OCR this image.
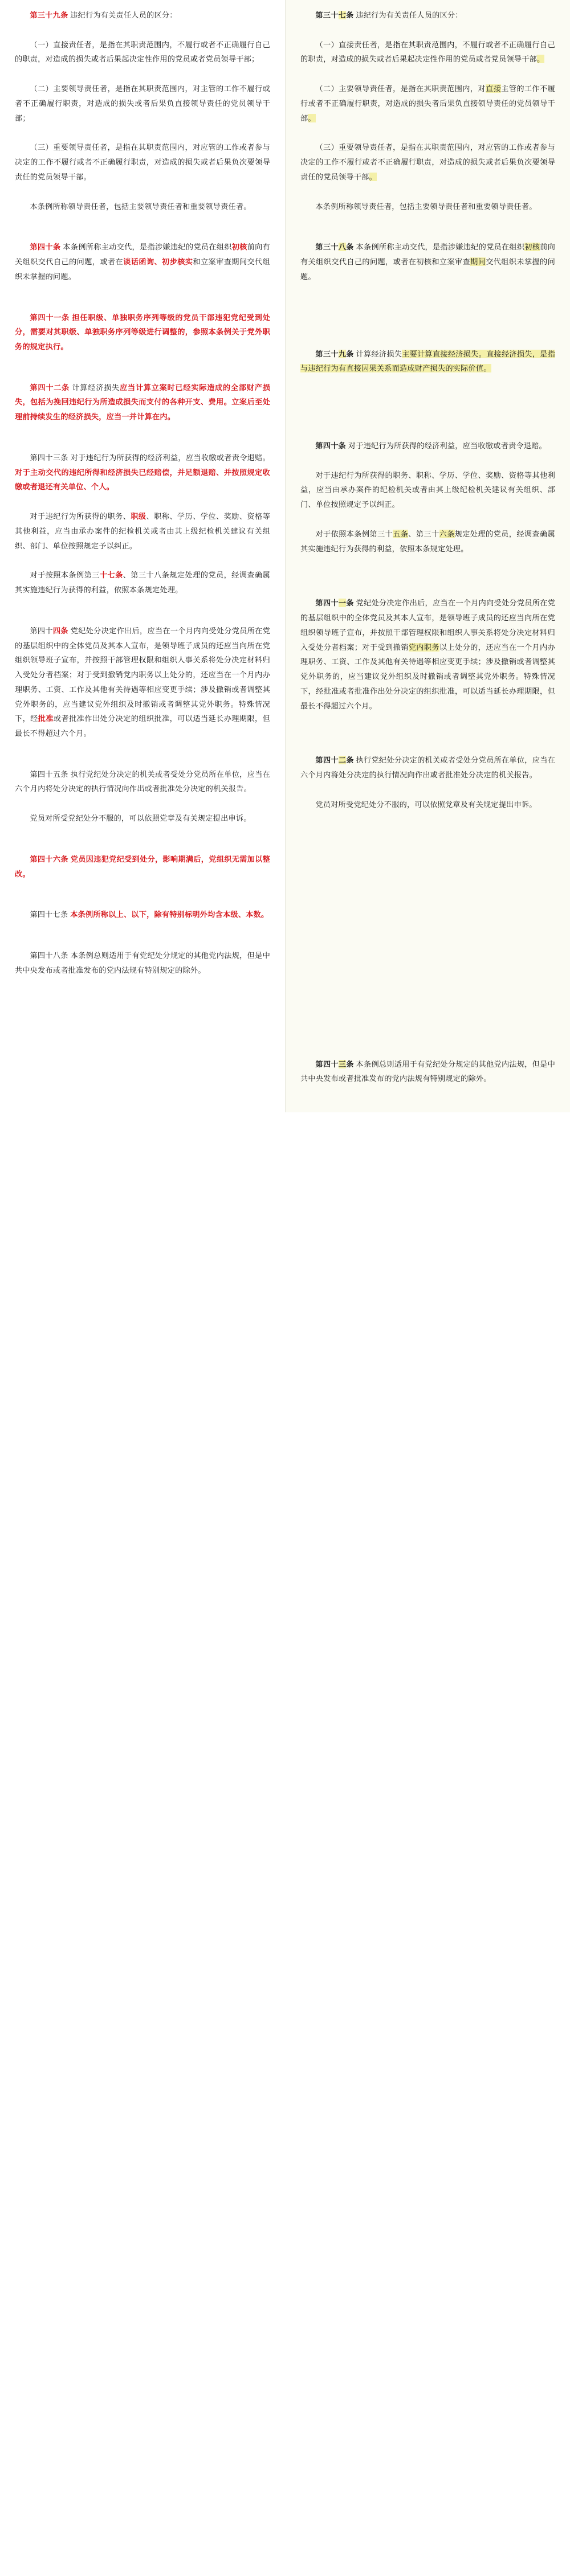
第三十九条 违纪行为有关责任人员的区分：

（一）直接责任者，是指在其职责范围内，不履行或者不正确履行自己的职责，对造成的损失或者后果起决定性作用的党员或者党员领导干部；

（二）主要领导责任者，是指在其职责范围内，对主管的工作不履行或者不正确履行职责，对造成的损失或者后果负直接领导责任的党员领导干部；

（三）重要领导责任者，是指在其职责范围内，对应管的工作或者参与决定的工作不履行或者不正确履行职责，对造成的损失或者后果负次要领导责任的党员领导干部。

本条例所称领导责任者，包括主要领导责任者和重要领导责任者。

第四十条 本条例所称主动交代，是指涉嫌违纪的党员在组织初核前向有关组织交代自己的问题，或者在谈话函询、初步核实和立案审查期间交代组织未掌握的问题。

第四十一条 担任职级、单独职务序列等级的党员干部违犯党纪受到处分，需要对其职级、单独职务序列等级进行调整的，参照本条例关于党外职务的规定执行。

第四十二条 计算经济损失应当计算立案时已经实际造成的全部财产损失，包括为挽回违纪行为所造成损失而支付的各种开支、费用。立案后至处理前持续发生的经济损失，应当一并计算在内。

第四十三条 对于违纪行为所获得的经济利益，应当收缴或者责令退赔。对于主动交代的违纪所得和经济损失已经赔偿，并足额退赔、并按照规定收缴或者退还有关单位、个人。

对于违纪行为所获得的职务、职级、职称、学历、学位、奖励、资格等其他利益，应当由承办案件的纪检机关或者由其上级纪检机关建议有关组织、部门、单位按照规定予以纠正。

对于按照本条例第三十七条、第三十八条规定处理的党员，经调查确属其实施违纪行为获得的利益，依照本条规定处理。

第四十四条 党纪处分决定作出后，应当在一个月内向受处分党员所在党的基层组织中的全体党员及其本人宣布，是领导班子成员的还应当向所在党组织领导班子宣布，并按照干部管理权限和组织人事关系将处分决定材料归入受处分者档案；对于受到撤销党内职务以上处分的，还应当在一个月内办理职务、工资、工作及其他有关待遇等相应变更手续；涉及撤销或者调整其党外职务的，应当建议党外组织及时撤销或者调整其党外职务。特殊情况下，经批准或者批准作出处分决定的组织批准，可以适当延长办理期限，但最长不得超过六个月。

第四十五条 执行党纪处分决定的机关或者受处分党员所在单位，应当在六个月内将处分决定的执行情况向作出或者批准处分决定的机关报告。

党员对所受党纪处分不服的，可以依照党章及有关规定提出申诉。

第四十六条 党员因违犯党纪受到处分，影响期满后，党组织无需加以整改。

第四十七条 本条例所称以上、以下，除有特别标明外均含本级、本数。

第四十八条 本条例总则适用于有党纪处分规定的其他党内法规，但是中共中央发布或者批准发布的党内法规有特别规定的除外。

第三十七条 违纪行为有关责任人员的区分：

（一）直接责任者，是指在其职责范围内，不履行或者不正确履行自己的职责，对造成的损失或者后果起决定性作用的党员或者党员领导干部。

（二）主要领导责任者，是指在其职责范围内，对直接主管的工作不履行或者不正确履行职责，对造成的损失者后果负直接领导责任的党员领导干部。

（三）重要领导责任者，是指在其职责范围内，对应管的工作或者参与决定的工作不履行或者不正确履行职责，对造成的损失或者后果负次要领导责任的党员领导干部。

本条例所称领导责任者，包括主要领导责任者和重要领导责任者。

第三十八条 本条例所称主动交代，是指涉嫌违纪的党员在组织初核前向有关组织交代自己的问题，或者在初核和立案审查期间交代组织未掌握的问题。

第三十九条 计算经济损失主要计算直接经济损失。直接经济损失，是指与违纪行为有直接因果关系而造成财产损失的实际价值。

第四十条 对于违纪行为所获得的经济利益，应当收缴或者责令退赔。

对于违纪行为所获得的职务、职称、学历、学位、奖励、资格等其他利益，应当由承办案件的纪检机关或者由其上级纪检机关建议有关组织、部门、单位按照规定予以纠正。

对于依照本条例第三十五条、第三十六条规定处理的党员，经调查确属其实施违纪行为获得的利益，依照本条规定处理。

第四十一条 党纪处分决定作出后，应当在一个月内向受处分党员所在党的基层组织中的全体党员及其本人宣布，是领导班子成员的还应当向所在党组织领导班子宣布，并按照干部管理权限和组织人事关系将处分决定材料归入受处分者档案；对于受到撤销党内职务以上处分的，还应当在一个月内办理职务、工资、工作及其他有关待遇等相应变更手续；涉及撤销或者调整其党外职务的，应当建议党外组织及时撤销或者调整其党外职务。特殊情况下，经批准或者批准作出处分决定的组织批准，可以适当延长办理期限，但最长不得超过六个月。

第四十二条 执行党纪处分决定的机关或者受处分党员所在单位，应当在六个月内将处分决定的执行情况向作出或者批准处分决定的机关报告。

党员对所受党纪处分不服的，可以依照党章及有关规定提出申诉。

第四十三条 本条例总则适用于有党纪处分规定的其他党内法规，但是中共中央发布或者批准发布的党内法规有特别规定的除外。
